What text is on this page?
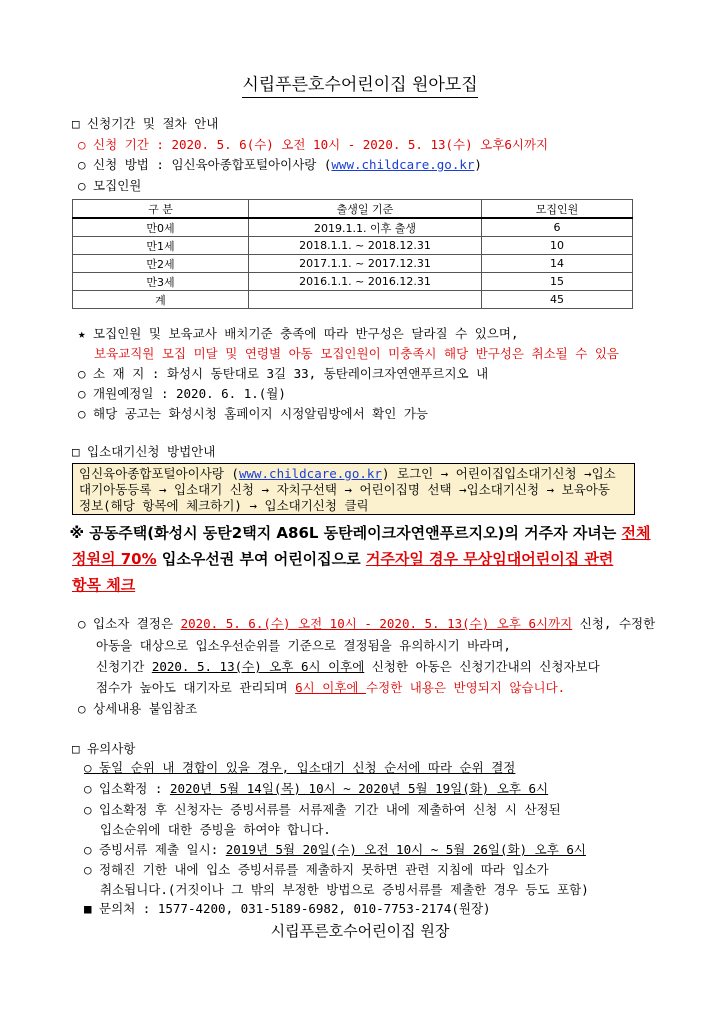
시립푸른호수어린이집 원아모집
□ 신청기간 및 절차 안내
○ 신청 기간 : 2020. 5. 6(수) 오전 10시 - 2020. 5. 13(수) 오후6시까지
○ 신청 방법 : 임신육아종합포털아이사랑 (www.childcare.go.kr)
○ 모집인원
구 분	출생일 기준	모집인원
만0세	2019.1.1. 이후 출생	6
만1세	2018.1.1. ~ 2018.12.31	10
만2세	2017.1.1. ~ 2017.12.31	14
만3세	2016.1.1. ~ 2016.12.31	15
계		45
★ 모집인원 및 보육교사 배치기준 충족에 따라 반구성은 달라질 수 있으며,
보육교직원 모집 미달 및 연령별 아동 모집인원이 미충족시 해당 반구성은 취소될 수 있음
○ 소 재 지 : 화성시 동탄대로 3길 33, 동탄레이크자연앤푸르지오 내
○ 개원예정일 : 2020. 6. 1.(월)
○ 해당 공고는 화성시청 홈페이지 시정알림방에서 확인 가능
□ 입소대기신청 방법안내
임신육아종합포털아이사랑 (www.childcare.go.kr) 로그인 → 어린이집입소대기신청 →입소
대기아동등록 → 입소대기 신청 → 자치구선택 → 어린이집명 선택 →입소대기신청 → 보육아동
정보(해당 항목에 체크하기) → 입소대기신청 클릭
※ 공동주택(화성시 동탄2택지 A86L 동탄레이크자연앤푸르지오)의 거주자 자녀는 전체
정원의 70% 입소우선권 부여 어린이집으로 거주자일 경우 무상임대어린이집 관련
항목 체크
○ 입소자 결정은 2020. 5. 6.(수) 오전 10시 - 2020. 5. 13(수) 오후 6시까지 신청, 수정한
아동을 대상으로 입소우선순위를 기준으로 결정됨을 유의하시기 바라며,
신청기간 2020. 5. 13(수) 오후 6시 이후에 신청한 아동은 신청기간내의 신청자보다
점수가 높아도 대기자로 관리되며 6시 이후에 수정한 내용은 반영되지 않습니다.
○ 상세내용 붙임참조
□ 유의사항
○ 동일 순위 내 경합이 있을 경우, 입소대기 신청 순서에 따라 순위 결정
○ 입소확정 : 2020년 5월 14일(목) 10시 ~ 2020년 5월 19일(화) 오후 6시
○ 입소확정 후 신청자는 증빙서류를 서류제출 기간 내에 제출하여 신청 시 산정된
입소순위에 대한 증빙을 하여야 합니다.
○ 증빙서류 제출 일시: 2019년 5월 20일(수) 오전 10시 ~ 5월 26일(화) 오후 6시
○ 정해진 기한 내에 입소 증빙서류를 제출하지 못하면 관련 지침에 따라 입소가
취소됩니다.(거짓이나 그 밖의 부정한 방법으로 증빙서류를 제출한 경우 등도 포함)
■ 문의처 : 1577-4200, 031-5189-6982, 010-7753-2174(원장)
시립푸른호수어린이집 원장
